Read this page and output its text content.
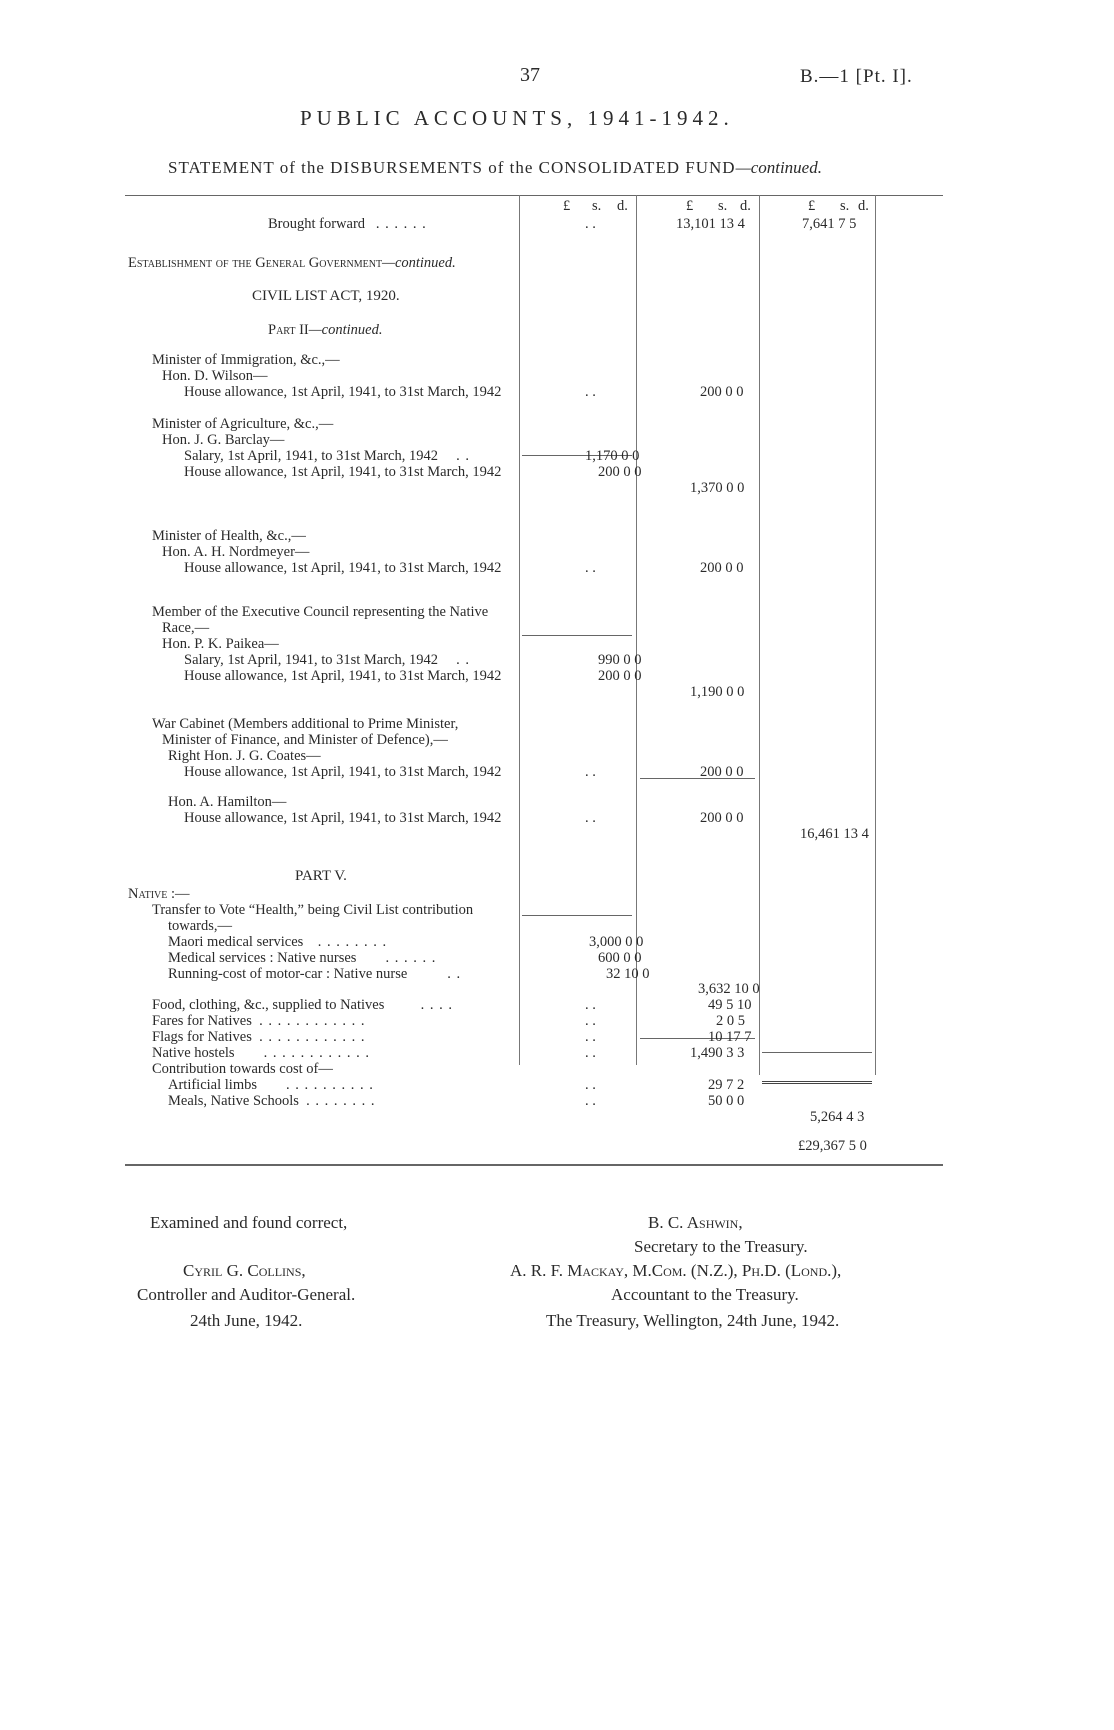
37	B.—1 [Pt. I].
PUBLIC ACCOUNTS, 1941-1942.
STATEMENT of the DISBURSEMENTS of the CONSOLIDATED FUND—continued.
£ s. d.	£ s. d.	£ s. d.
Brought forward . . . . . .	. .	13,101 13 4	7,641 7 5
Establishment of the General Government—continued.
CIVIL LIST ACT, 1920.
Part II—continued.
Minister of Immigration, &c.,—
Hon. D. Wilson—
House allowance, 1st April, 1941, to 31st March, 1942	. .	200 0 0
Minister of Agriculture, &c.,—
Hon. J. G. Barclay—
Salary, 1st April, 1941, to 31st March, 1942 . .	1,170 0 0
House allowance, 1st April, 1941, to 31st March, 1942	200 0 0
1,370 0 0
Minister of Health, &c.,—
Hon. A. H. Nordmeyer—
House allowance, 1st April, 1941, to 31st March, 1942	. .	200 0 0
Member of the Executive Council representing the Native
Race,—
Hon. P. K. Paikea—
Salary, 1st April, 1941, to 31st March, 1942 . .	990 0 0
House allowance, 1st April, 1941, to 31st March, 1942	200 0 0
1,190 0 0
War Cabinet (Members additional to Prime Minister,
Minister of Finance, and Minister of Defence),—
Right Hon. J. G. Coates—
House allowance, 1st April, 1941, to 31st March, 1942	. .	200 0 0
Hon. A. Hamilton—
House allowance, 1st April, 1941, to 31st March, 1942	. .	200 0 0
16,461 13 4
PART V.
Native :—
Transfer to Vote “Health,” being Civil List contribution
towards,—
Maori medical services . . . . . . . .	3,000 0 0
Medical services : Native nurses . . . . . .	600 0 0
Running-cost of motor-car : Native nurse	. .	32 10 0
3,632 10 0
Food, clothing, &c., supplied to Natives	. . . .	. .	49 5 10
Fares for Natives . . . . . . . . . . . .	. .	2 0 5
Flags for Natives . . . . . . . . . . . .	. .	10 17 7
Native hostels . . . . . . . . . . . .	. .	1,490 3 3
Contribution towards cost of—
Artificial limbs . . . . . . . . . .	. .	29 7 2
Meals, Native Schools . . . . . . . .	. .	50 0 0
5,264 4 3
£29,367 5 0
Examined and found correct,
Cyril G. Collins,
Controller and Auditor-General.
24th June, 1942.
B. C. Ashwin,
Secretary to the Treasury.
A. R. F. Mackay, M.Com. (N.Z.), Ph.D. (Lond.),
Accountant to the Treasury.
The Treasury, Wellington, 24th June, 1942.
